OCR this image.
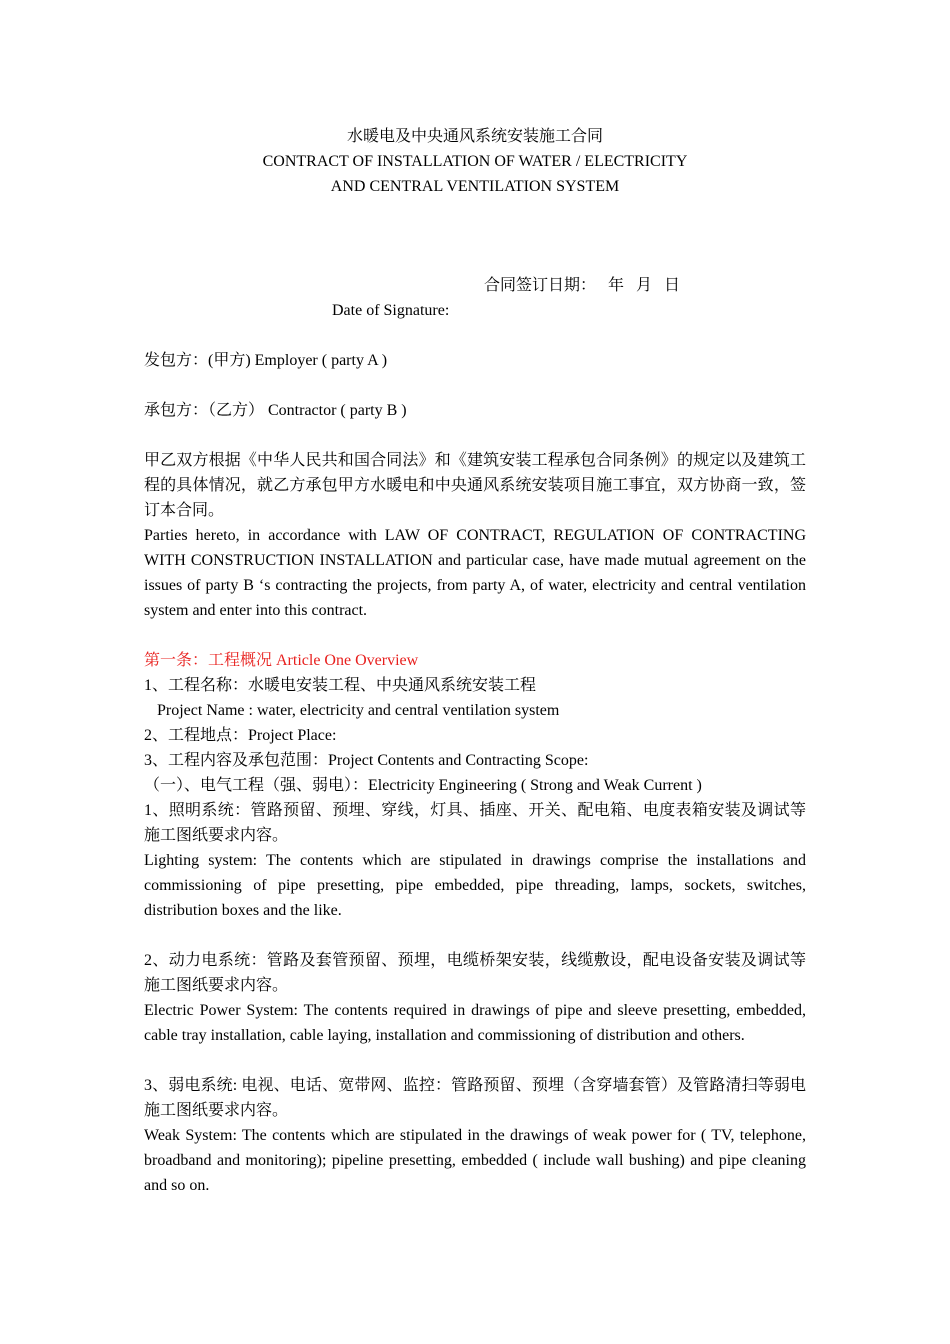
水暖电及中央通风系统安装施工合同
CONTRACT OF INSTALLATION OF WATER / ELECTRICITY
AND CENTRAL VENTILATION SYSTEM
合同签订日期：   年   月   日
Date of Signature:

发包方：(甲方) Employer ( party A )

承包方：（乙方） Contractor ( party B )

甲乙双方根据《中华人民共和国合同法》和《建筑安装工程承包合同条例》的规定以及建筑工程的具体情况，就乙方承包甲方水暖电和中央通风系统安装项目施工事宜，双方协商一致，签订本合同。

Parties hereto, in accordance with LAW OF CONTRACT, REGULATION OF CONTRACTING WITH CONSTRUCTION INSTALLATION and particular case, have made mutual agreement on the issues of party B ‘s contracting the projects, from party A, of water, electricity and central ventilation system and enter into this contract.

第一条：工程概况 Article One Overview

1、工程名称：水暖电安装工程、中央通风系统安装工程

Project Name : water, electricity and central ventilation system

2、工程地点：Project Place:

3、工程内容及承包范围：Project Contents and Contracting Scope:

（一）、电气工程（强、弱电）：Electricity Engineering ( Strong and Weak Current )

1、照明系统：管路预留、预埋、穿线，灯具、插座、开关、配电箱、电度表箱安装及调试等施工图纸要求内容。

Lighting system: The contents which are stipulated in drawings comprise the installations and commissioning of pipe presetting, pipe embedded, pipe threading, lamps, sockets, switches, distribution boxes and the like.

2、动力电系统：管路及套管预留、预埋，电缆桥架安装，线缆敷设，配电设备安装及调试等施工图纸要求内容。

Electric Power System: The contents required in drawings of pipe and sleeve presetting, embedded, cable tray installation, cable laying, installation and commissioning of distribution and others.

3、弱电系统: 电视、电话、宽带网、监控：管路预留、预埋（含穿墙套管）及管路清扫等弱电施工图纸要求内容。

Weak System: The contents which are stipulated in the drawings of weak power for ( TV, telephone, broadband and monitoring); pipeline presetting, embedded ( include wall bushing) and pipe cleaning and so on.
